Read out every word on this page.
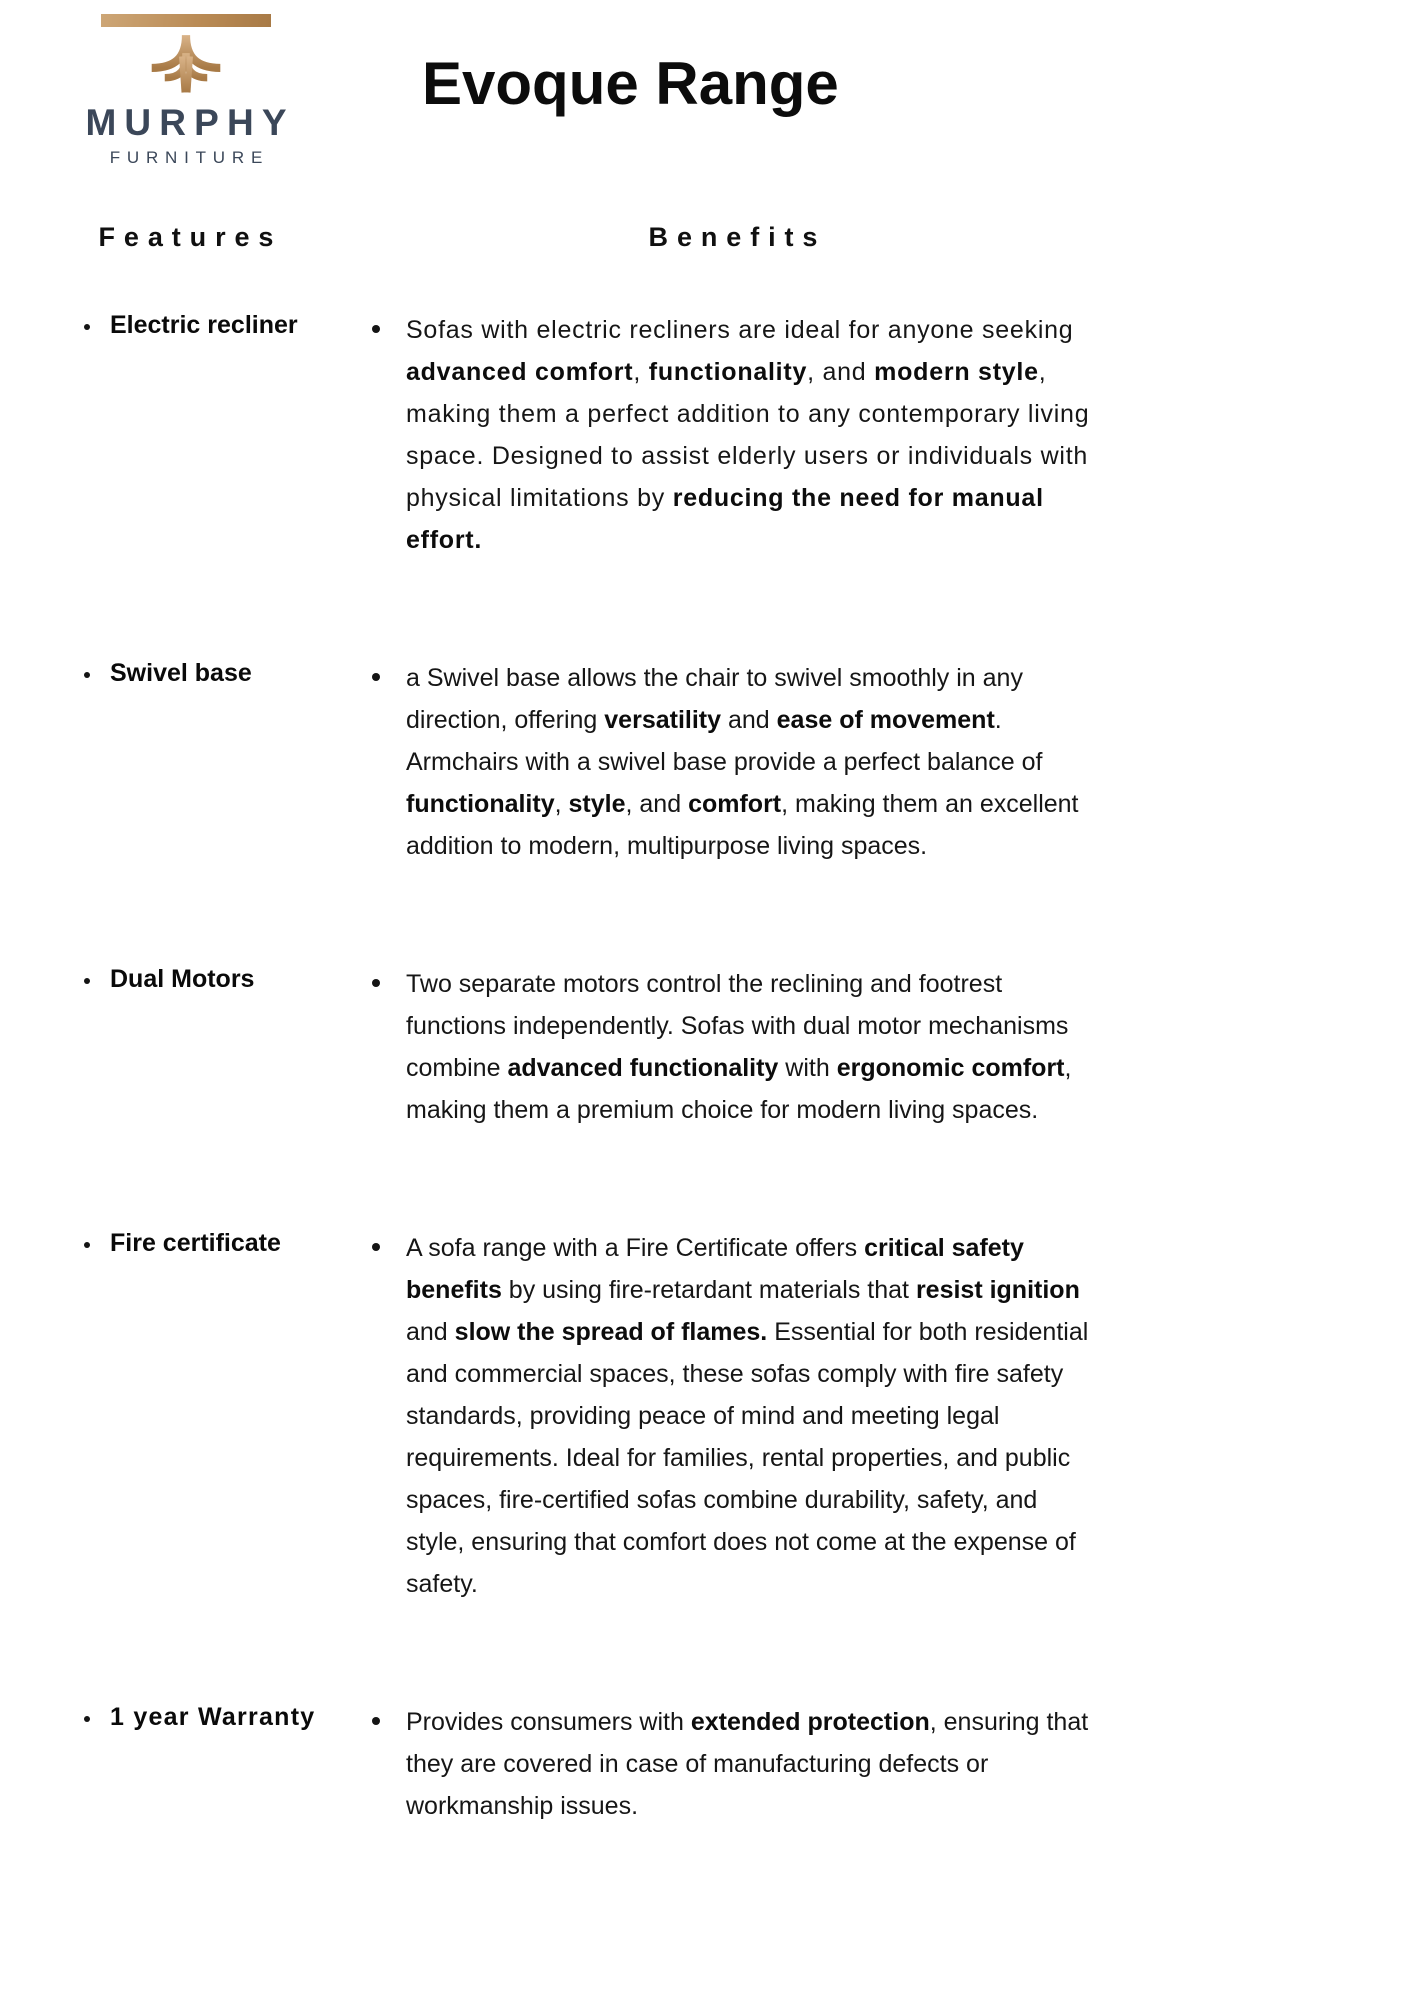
MURPHY
FURNITURE
Evoque Range
Features	Benefits
Electric recliner	Sofas with electric recliners are ideal for anyone seeking advanced comfort, functionality, and modern style, making them a perfect addition to any contemporary living space. Designed to assist elderly users or individuals with physical limitations by reducing the need for manual effort.

Swivel base	a Swivel base allows the chair to swivel smoothly in any direction, offering versatility and ease of movement. Armchairs with a swivel base provide a perfect balance of functionality, style, and comfort, making them an excellent addition to modern, multipurpose living spaces.

Dual Motors	Two separate motors control the reclining and footrest functions independently. Sofas with dual motor mechanisms combine advanced functionality with ergonomic comfort, making them a premium choice for modern living spaces.

Fire certificate	A sofa range with a Fire Certificate offers critical safety benefits by using fire-retardant materials that resist ignition and slow the spread of flames. Essential for both residential and commercial spaces, these sofas comply with fire safety standards, providing peace of mind and meeting legal requirements. Ideal for families, rental properties, and public spaces, fire-certified sofas combine durability, safety, and style, ensuring that comfort does not come at the expense of safety.

1 year Warranty	Provides consumers with extended protection, ensuring that they are covered in case of manufacturing defects or workmanship issues.
